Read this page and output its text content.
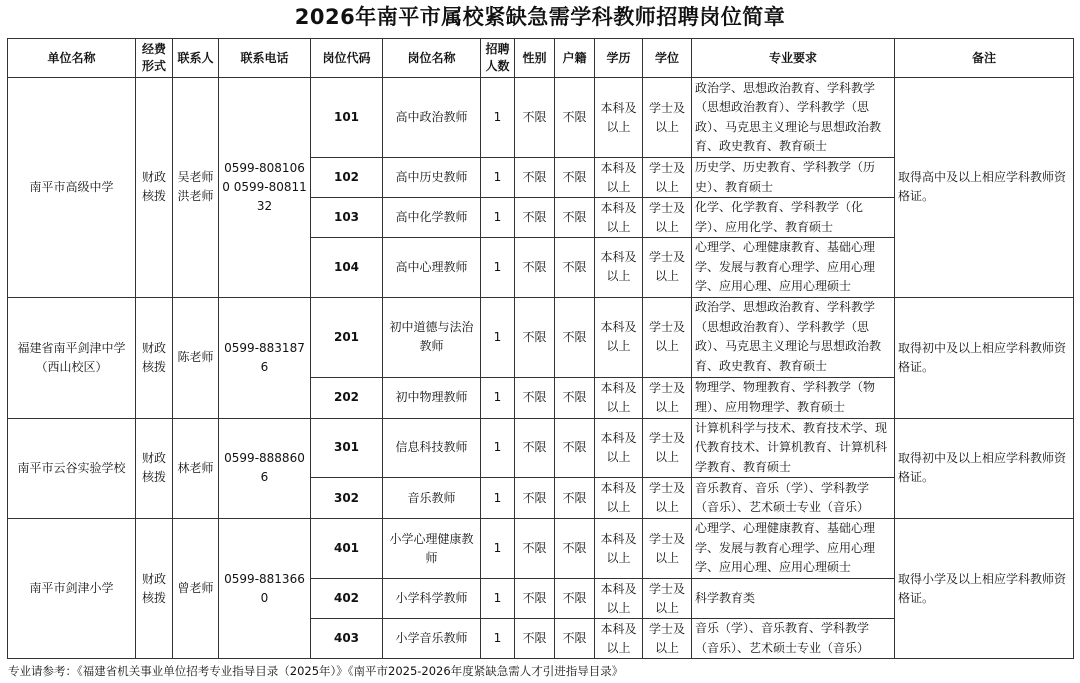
2026年南平市属校紧缺急需学科教师招聘岗位简章
单位名称	经费形式	联系人	联系电话	岗位代码	岗位名称	招聘人数	性别	户籍	学历	学位	专业要求	备注
南平市高级中学	财政核拨	吴老师洪老师	0599-8081060 0599-8081132	101	高中政治教师	1	不限	不限	本科及以上	学士及以上	政治学、思想政治教育、学科教学（思想政治教育）、学科教学（思政）、马克思主义理论与思想政治教育、政史教育、教育硕士	取得高中及以上相应学科教师资格证。
				102	高中历史教师	1	不限	不限	本科及以上	学士及以上	历史学、历史教育、学科教学（历史）、教育硕士	
				103	高中化学教师	1	不限	不限	本科及以上	学士及以上	化学、化学教育、学科教学（化学）、应用化学、教育硕士	
				104	高中心理教师	1	不限	不限	本科及以上	学士及以上	心理学、心理健康教育、基础心理学、发展与教育心理学、应用心理学、应用心理、应用心理硕士	
福建省南平剑津中学（西山校区）	财政核拨	陈老师	0599-8831876	201	初中道德与法治教师	1	不限	不限	本科及以上	学士及以上	政治学、思想政治教育、学科教学（思想政治教育）、学科教学（思政）、马克思主义理论与思想政治教育、政史教育、教育硕士	取得初中及以上相应学科教师资格证。
				202	初中物理教师	1	不限	不限	本科及以上	学士及以上	物理学、物理教育、学科教学（物理）、应用物理学、教育硕士	
南平市云谷实验学校	财政核拨	林老师	0599-8888606	301	信息科技教师	1	不限	不限	本科及以上	学士及以上	计算机科学与技术、教育技术学、现代教育技术、计算机教育、计算机科学教育、教育硕士	取得初中及以上相应学科教师资格证。
				302	音乐教师	1	不限	不限	本科及以上	学士及以上	音乐教育、音乐（学）、学科教学（音乐）、艺术硕士专业（音乐）	
南平市剑津小学	财政核拨	曾老师	0599-8813660	401	小学心理健康教师	1	不限	不限	本科及以上	学士及以上	心理学、心理健康教育、基础心理学、发展与教育心理学、应用心理学、应用心理、应用心理硕士	取得小学及以上相应学科教师资格证。
				402	小学科学教师	1	不限	不限	本科及以上	学士及以上	科学教育类	
				403	小学音乐教师	1	不限	不限	本科及以上	学士及以上	音乐（学）、音乐教育、学科教学（音乐）、艺术硕士专业（音乐）	
专业请参考：《福建省机关事业单位招考专业指导目录（2025年）》《南平市2025-2026年度紧缺急需人才引进指导目录》
